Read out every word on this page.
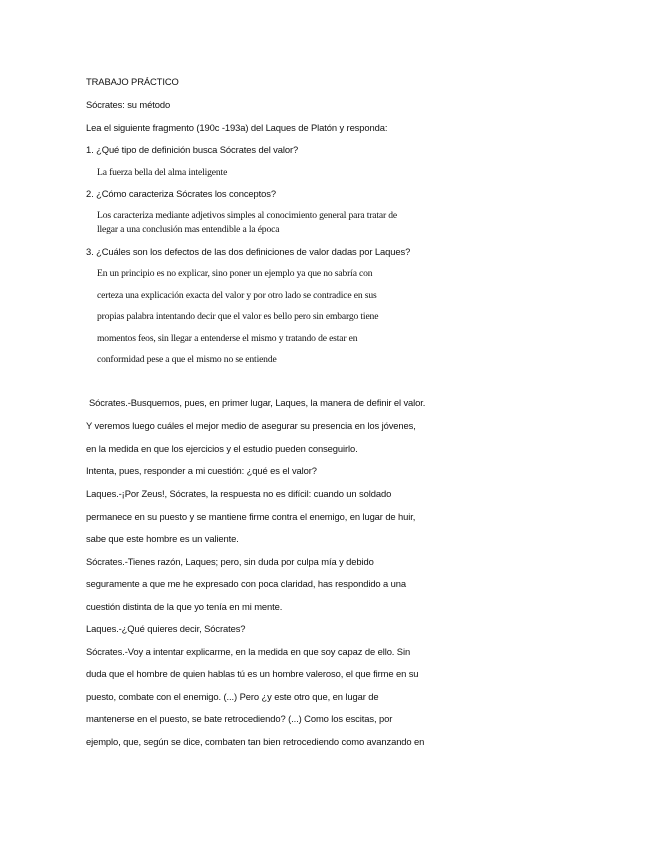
TRABAJO PRÁCTICO
Sócrates: su método
Lea el siguiente fragmento (190c -193a) del Laques de Platón y responda:
1. ¿Qué tipo de definición busca Sócrates del valor?
La fuerza bella del alma inteligente
2. ¿Cómo caracteriza Sócrates los conceptos?
Los caracteriza mediante adjetivos simples al conocimiento general para tratar de
llegar a una conclusión mas entendible a la época
3. ¿Cuáles son los defectos de las dos definiciones de valor dadas por Laques?
En un principio es no explicar, sino poner un ejemplo ya que no sabría con
certeza una explicación exacta del valor y por otro lado se contradice en sus
propias palabra intentando decir que el valor es bello pero sin embargo tiene
momentos feos, sin llegar a entenderse el mismo y tratando de estar en
conformidad pese a que el mismo no se entiende
Sócrates.-Busquemos, pues, en primer lugar, Laques, la manera de definir el valor.
Y veremos luego cuáles el mejor medio de asegurar su presencia en los jóvenes,
en la medida en que los ejercicios y el estudio pueden conseguirlo.
Intenta, pues, responder a mi cuestión: ¿qué es el valor?
Laques.-¡Por Zeus!, Sócrates, la respuesta no es difícil: cuando un soldado
permanece en su puesto y se mantiene firme contra el enemigo, en lugar de huir,
sabe que este hombre es un valiente.
Sócrates.-Tienes razón, Laques; pero, sin duda por culpa mía y debido
seguramente a que me he expresado con poca claridad, has respondido a una
cuestión distinta de la que yo tenía en mi mente.
Laques.-¿Qué quieres decir, Sócrates?
Sócrates.-Voy a intentar explicarme, en la medida en que soy capaz de ello. Sin
duda que el hombre de quien hablas tú es un hombre valeroso, el que firme en su
puesto, combate con el enemigo. (...) Pero ¿y este otro que, en lugar de
mantenerse en el puesto, se bate retrocediendo? (...) Como los escitas, por
ejemplo, que, según se dice, combaten tan bien retrocediendo como avanzando en
